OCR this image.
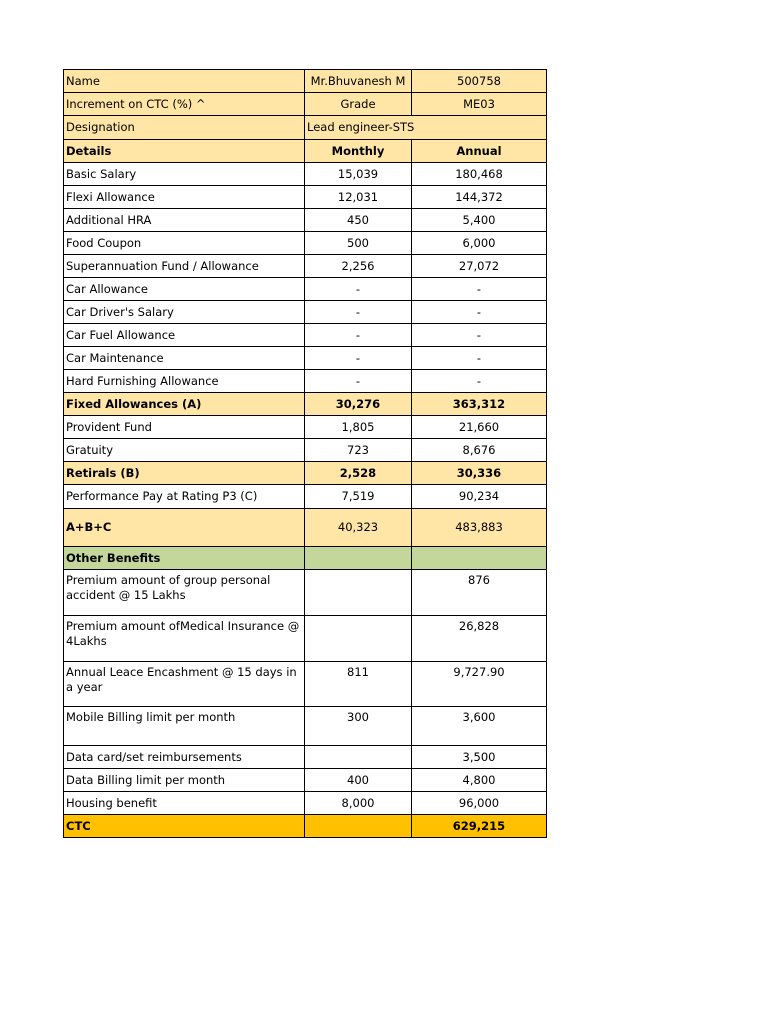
Name	Mr.Bhuvanesh M	500758
Increment on CTC (%) ^	Grade	ME03
Designation	Lead engineer-STS	
Details	Monthly	Annual
Basic Salary	15,039	180,468
Flexi Allowance	12,031	144,372
Additional HRA	450	5,400
Food Coupon	500	6,000
Superannuation Fund / Allowance	2,256	27,072
Car Allowance	-	-
Car Driver's Salary	-	-
Car Fuel Allowance	-	-
Car Maintenance	-	-
Hard Furnishing Allowance	-	-
Fixed Allowances (A)	30,276	363,312
Provident Fund	1,805	21,660
Gratuity	723	8,676
Retirals (B)	2,528	30,336
Performance Pay at Rating P3 (C)	7,519	90,234
A+B+C	40,323	483,883
Other Benefits		
Premium amount of group personal accident @ 15 Lakhs		876
Premium amount ofMedical Insurance @ 4Lakhs		26,828
Annual Leace Encashment @ 15 days in a year	811	9,727.90
Mobile Billing limit per month	300	3,600
Data card/set reimbursements		3,500
Data Billing limit per month	400	4,800
Housing benefit	8,000	96,000
CTC		629,215
